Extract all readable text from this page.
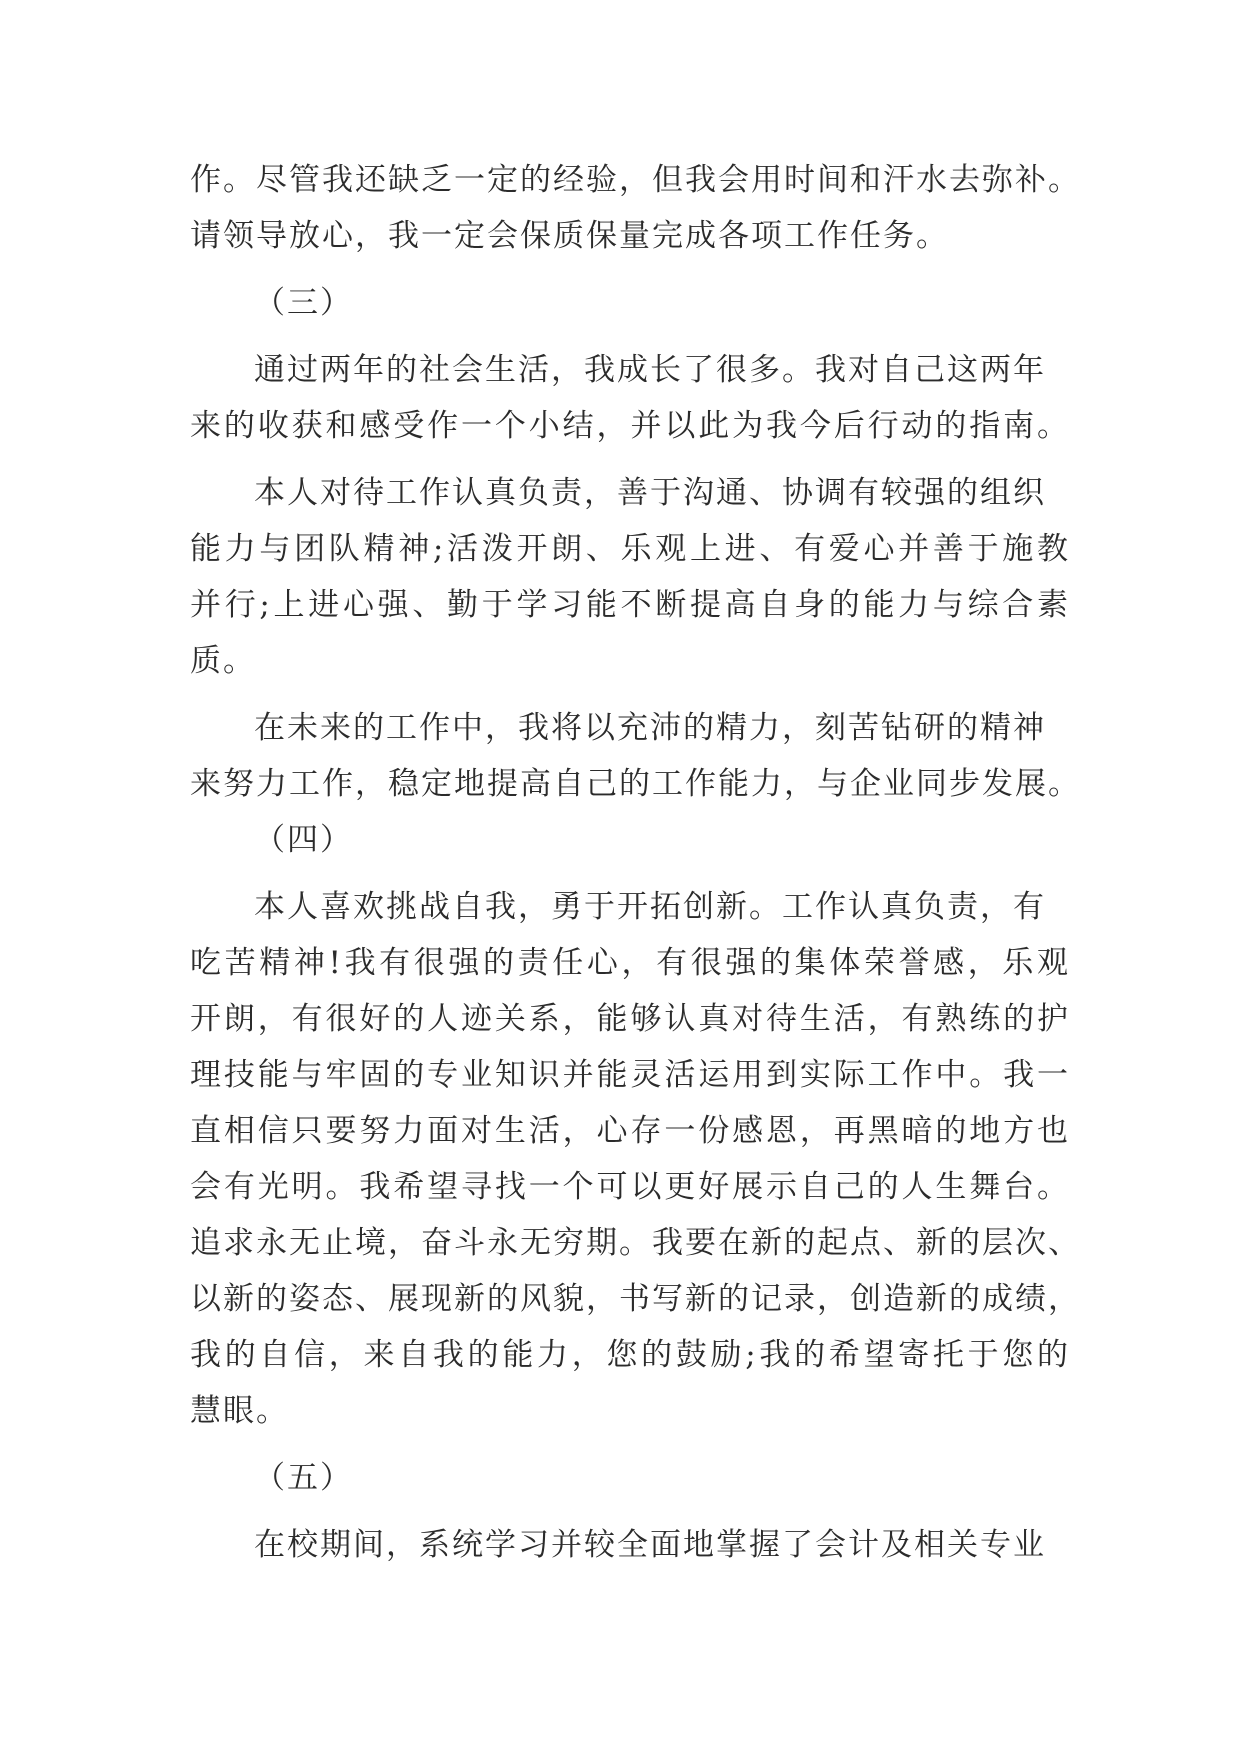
作。尽管我还缺乏一定的经验，但我会用时间和汗水去弥补。
请领导放心，我一定会保质保量完成各项工作任务。
（三）
通过两年的社会生活，我成长了很多。我对自己这两年
来的收获和感受作一个小结，并以此为我今后行动的指南。
本人对待工作认真负责，善于沟通、协调有较强的组织
能力与团队精神;活泼开朗、乐观上进、有爱心并善于施教
并行;上进心强、勤于学习能不断提高自身的能力与综合素
质。
在未来的工作中，我将以充沛的精力，刻苦钻研的精神
来努力工作，稳定地提高自己的工作能力，与企业同步发展。
（四）
本人喜欢挑战自我，勇于开拓创新。工作认真负责，有
吃苦精神!我有很强的责任心，有很强的集体荣誉感，乐观
开朗，有很好的人迹关系，能够认真对待生活，有熟练的护
理技能与牢固的专业知识并能灵活运用到实际工作中。我一
直相信只要努力面对生活，心存一份感恩，再黑暗的地方也
会有光明。我希望寻找一个可以更好展示自己的人生舞台。
追求永无止境，奋斗永无穷期。我要在新的起点、新的层次、
以新的姿态、展现新的风貌，书写新的记录，创造新的成绩，
我的自信，来自我的能力，您的鼓励;我的希望寄托于您的
慧眼。
（五）
在校期间，系统学习并较全面地掌握了会计及相关专业
